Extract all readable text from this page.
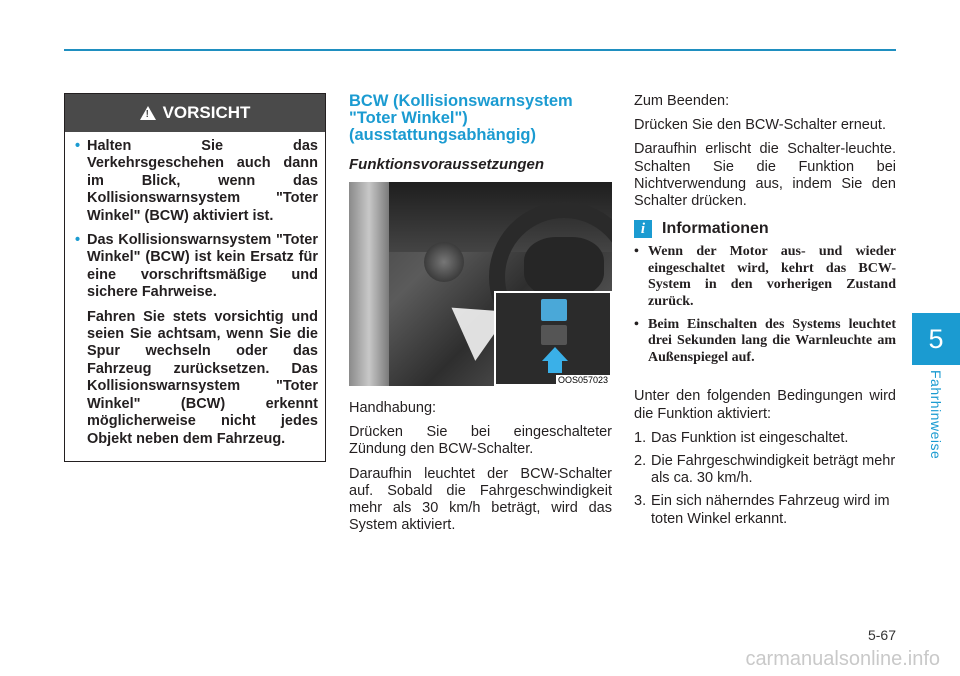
5
Fahrhinweise
! VORSICHT
• Halten Sie das Verkehrsgeschehen auch dann im Blick, wenn das Kollisionswarnsystem "Toter Winkel" (BCW) aktiviert ist.
• Das Kollisionswarnsystem "Toter Winkel" (BCW) ist kein Ersatz für eine vorschriftsmäßige und sichere Fahrweise.
Fahren Sie stets vorsichtig und seien Sie achtsam, wenn Sie die Spur wechseln oder das Fahrzeug zurücksetzen. Das Kollisionswarnsystem "Toter Winkel" (BCW) erkennt möglicherweise nicht jedes Objekt neben dem Fahrzeug.
BCW (Kollisionswarnsystem "Toter Winkel") (ausstattungsabhängig)
Funktionsvoraussetzungen
OOS057023

Handhabung:

Drücken Sie bei eingeschalteter Zündung den BCW-Schalter.

Daraufhin leuchtet der BCW-Schalter auf. Sobald die Fahrgeschwindigkeit mehr als 30 km/h beträgt, wird das System aktiviert.

Zum Beenden:

Drücken Sie den BCW-Schalter erneut.

Daraufhin erlischt die Schalter-leuchte. Schalten Sie die Funktion bei Nichtverwendung aus, indem Sie den Schalter drücken.

i	Informationen
• Wenn der Motor aus- und wieder eingeschaltet wird, kehrt das BCW-System in den vorherigen Zustand zurück.
• Beim Einschalten des Systems leuchtet drei Sekunden lang die Warnleuchte am Außenspiegel auf.

Unter den folgenden Bedingungen wird die Funktion aktiviert:

1. Das Funktion ist eingeschaltet.
2. Die Fahrgeschwindigkeit beträgt mehr als ca. 30 km/h.
3. Ein sich näherndes Fahrzeug wird im toten Winkel erkannt.
5-67
carmanualsonline.info
